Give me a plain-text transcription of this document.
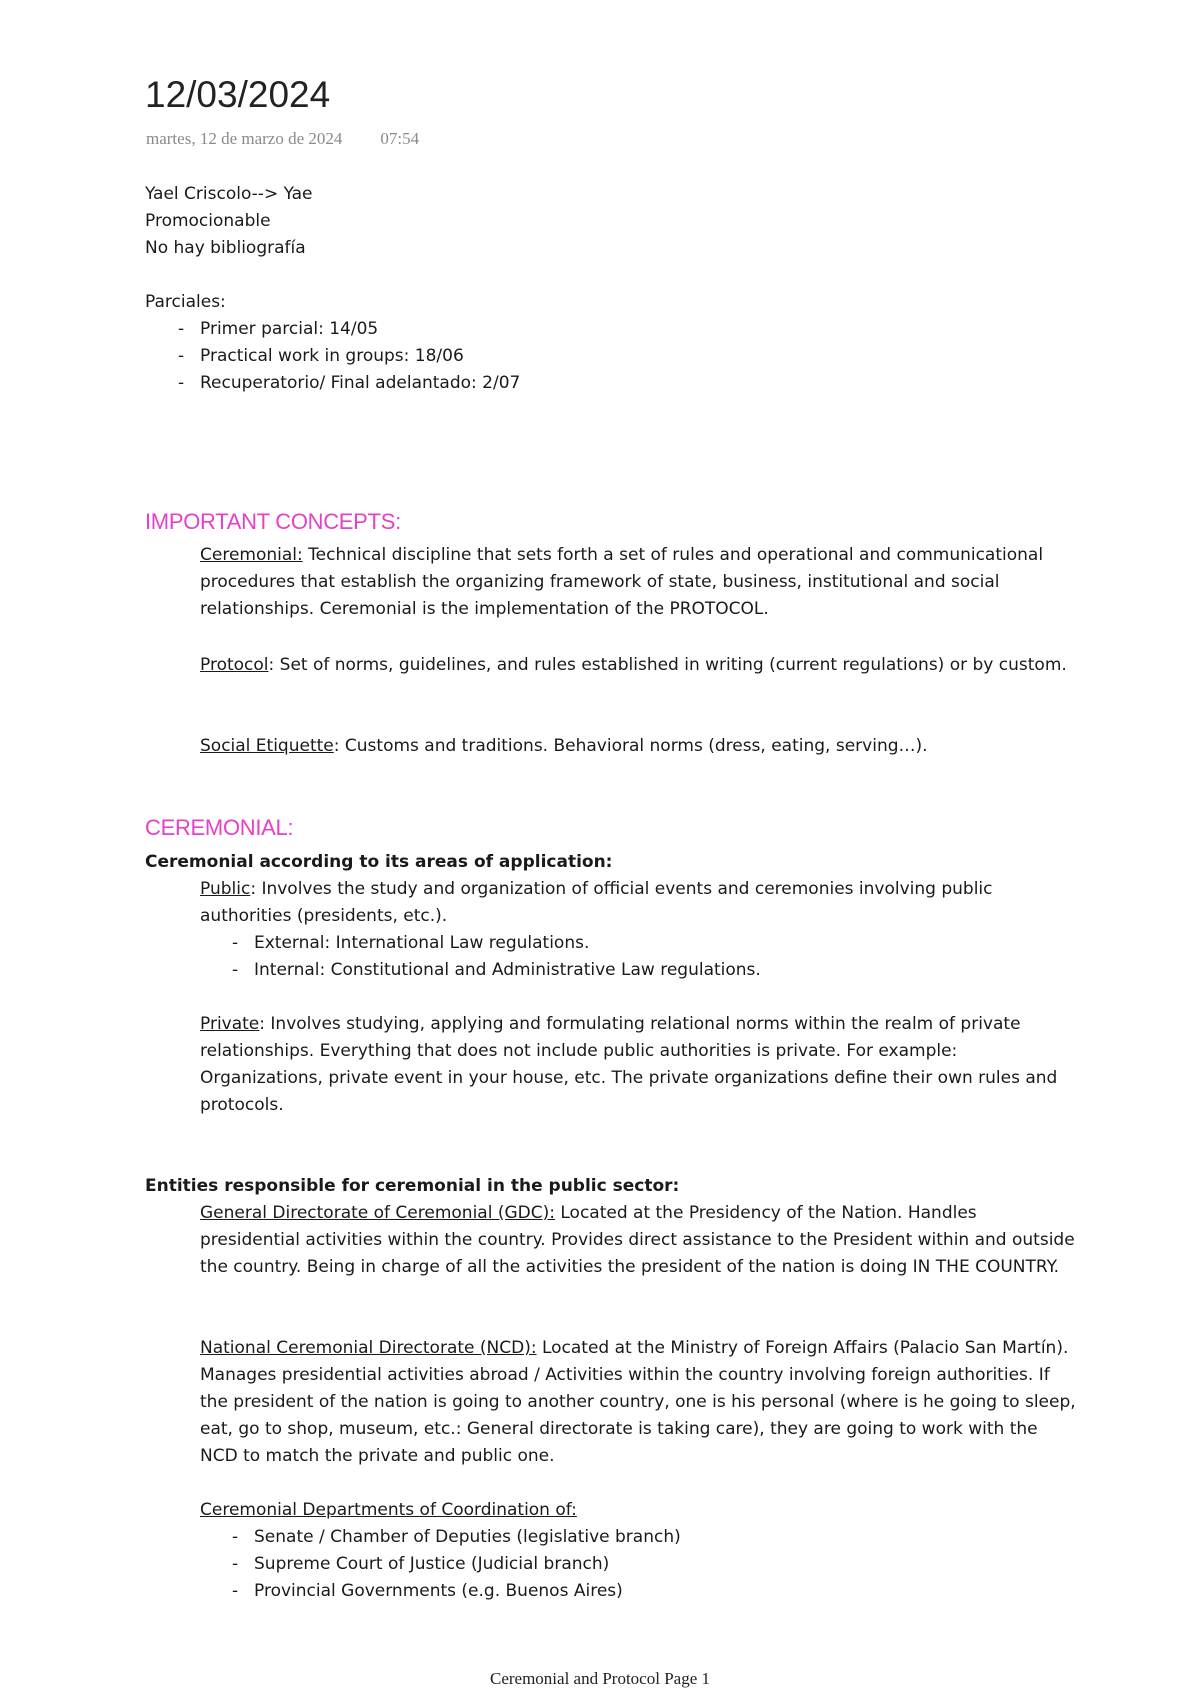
12/03/2024
martes, 12 de marzo de 2024 07:54
Yael Criscolo--> Yae
Promocionable
No hay bibliografía
Parciales:
- Primer parcial: 14/05
- Practical work in groups: 18/06
- Recuperatorio/ Final adelantado: 2/07
IMPORTANT CONCEPTS:

Ceremonial: Technical discipline that sets forth a set of rules and operational and communicational procedures that establish the organizing framework of state, business, institutional and social relationships. Ceremonial is the implementation of the PROTOCOL.

Protocol: Set of norms, guidelines, and rules established in writing (current regulations) or by custom.

Social Etiquette: Customs and traditions. Behavioral norms (dress, eating, serving…).

CEREMONIAL:
Ceremonial according to its areas of application:

Public: Involves the study and organization of official events and ceremonies involving public authorities (presidents, etc.).

- External: International Law regulations.
- Internal: Constitutional and Administrative Law regulations.

Private: Involves studying, applying and formulating relational norms within the realm of private relationships. Everything that does not include public authorities is private. For example: Organizations, private event in your house, etc. The private organizations define their own rules and protocols.

Entities responsible for ceremonial in the public sector:

General Directorate of Ceremonial (GDC): Located at the Presidency of the Nation. Handles presidential activities within the country. Provides direct assistance to the President within and outside the country. Being in charge of all the activities the president of the nation is doing IN THE COUNTRY.

National Ceremonial Directorate (NCD): Located at the Ministry of Foreign Affairs (Palacio San Martín). Manages presidential activities abroad / Activities within the country involving foreign authorities. If the president of the nation is going to another country, one is his personal (where is he going to sleep, eat, go to shop, museum, etc.: General directorate is taking care), they are going to work with the NCD to match the private and public one.

Ceremonial Departments of Coordination of:

- Senate / Chamber of Deputies (legislative branch)
- Supreme Court of Justice (Judicial branch)
- Provincial Governments (e.g. Buenos Aires)
Ceremonial and Protocol Page 1
